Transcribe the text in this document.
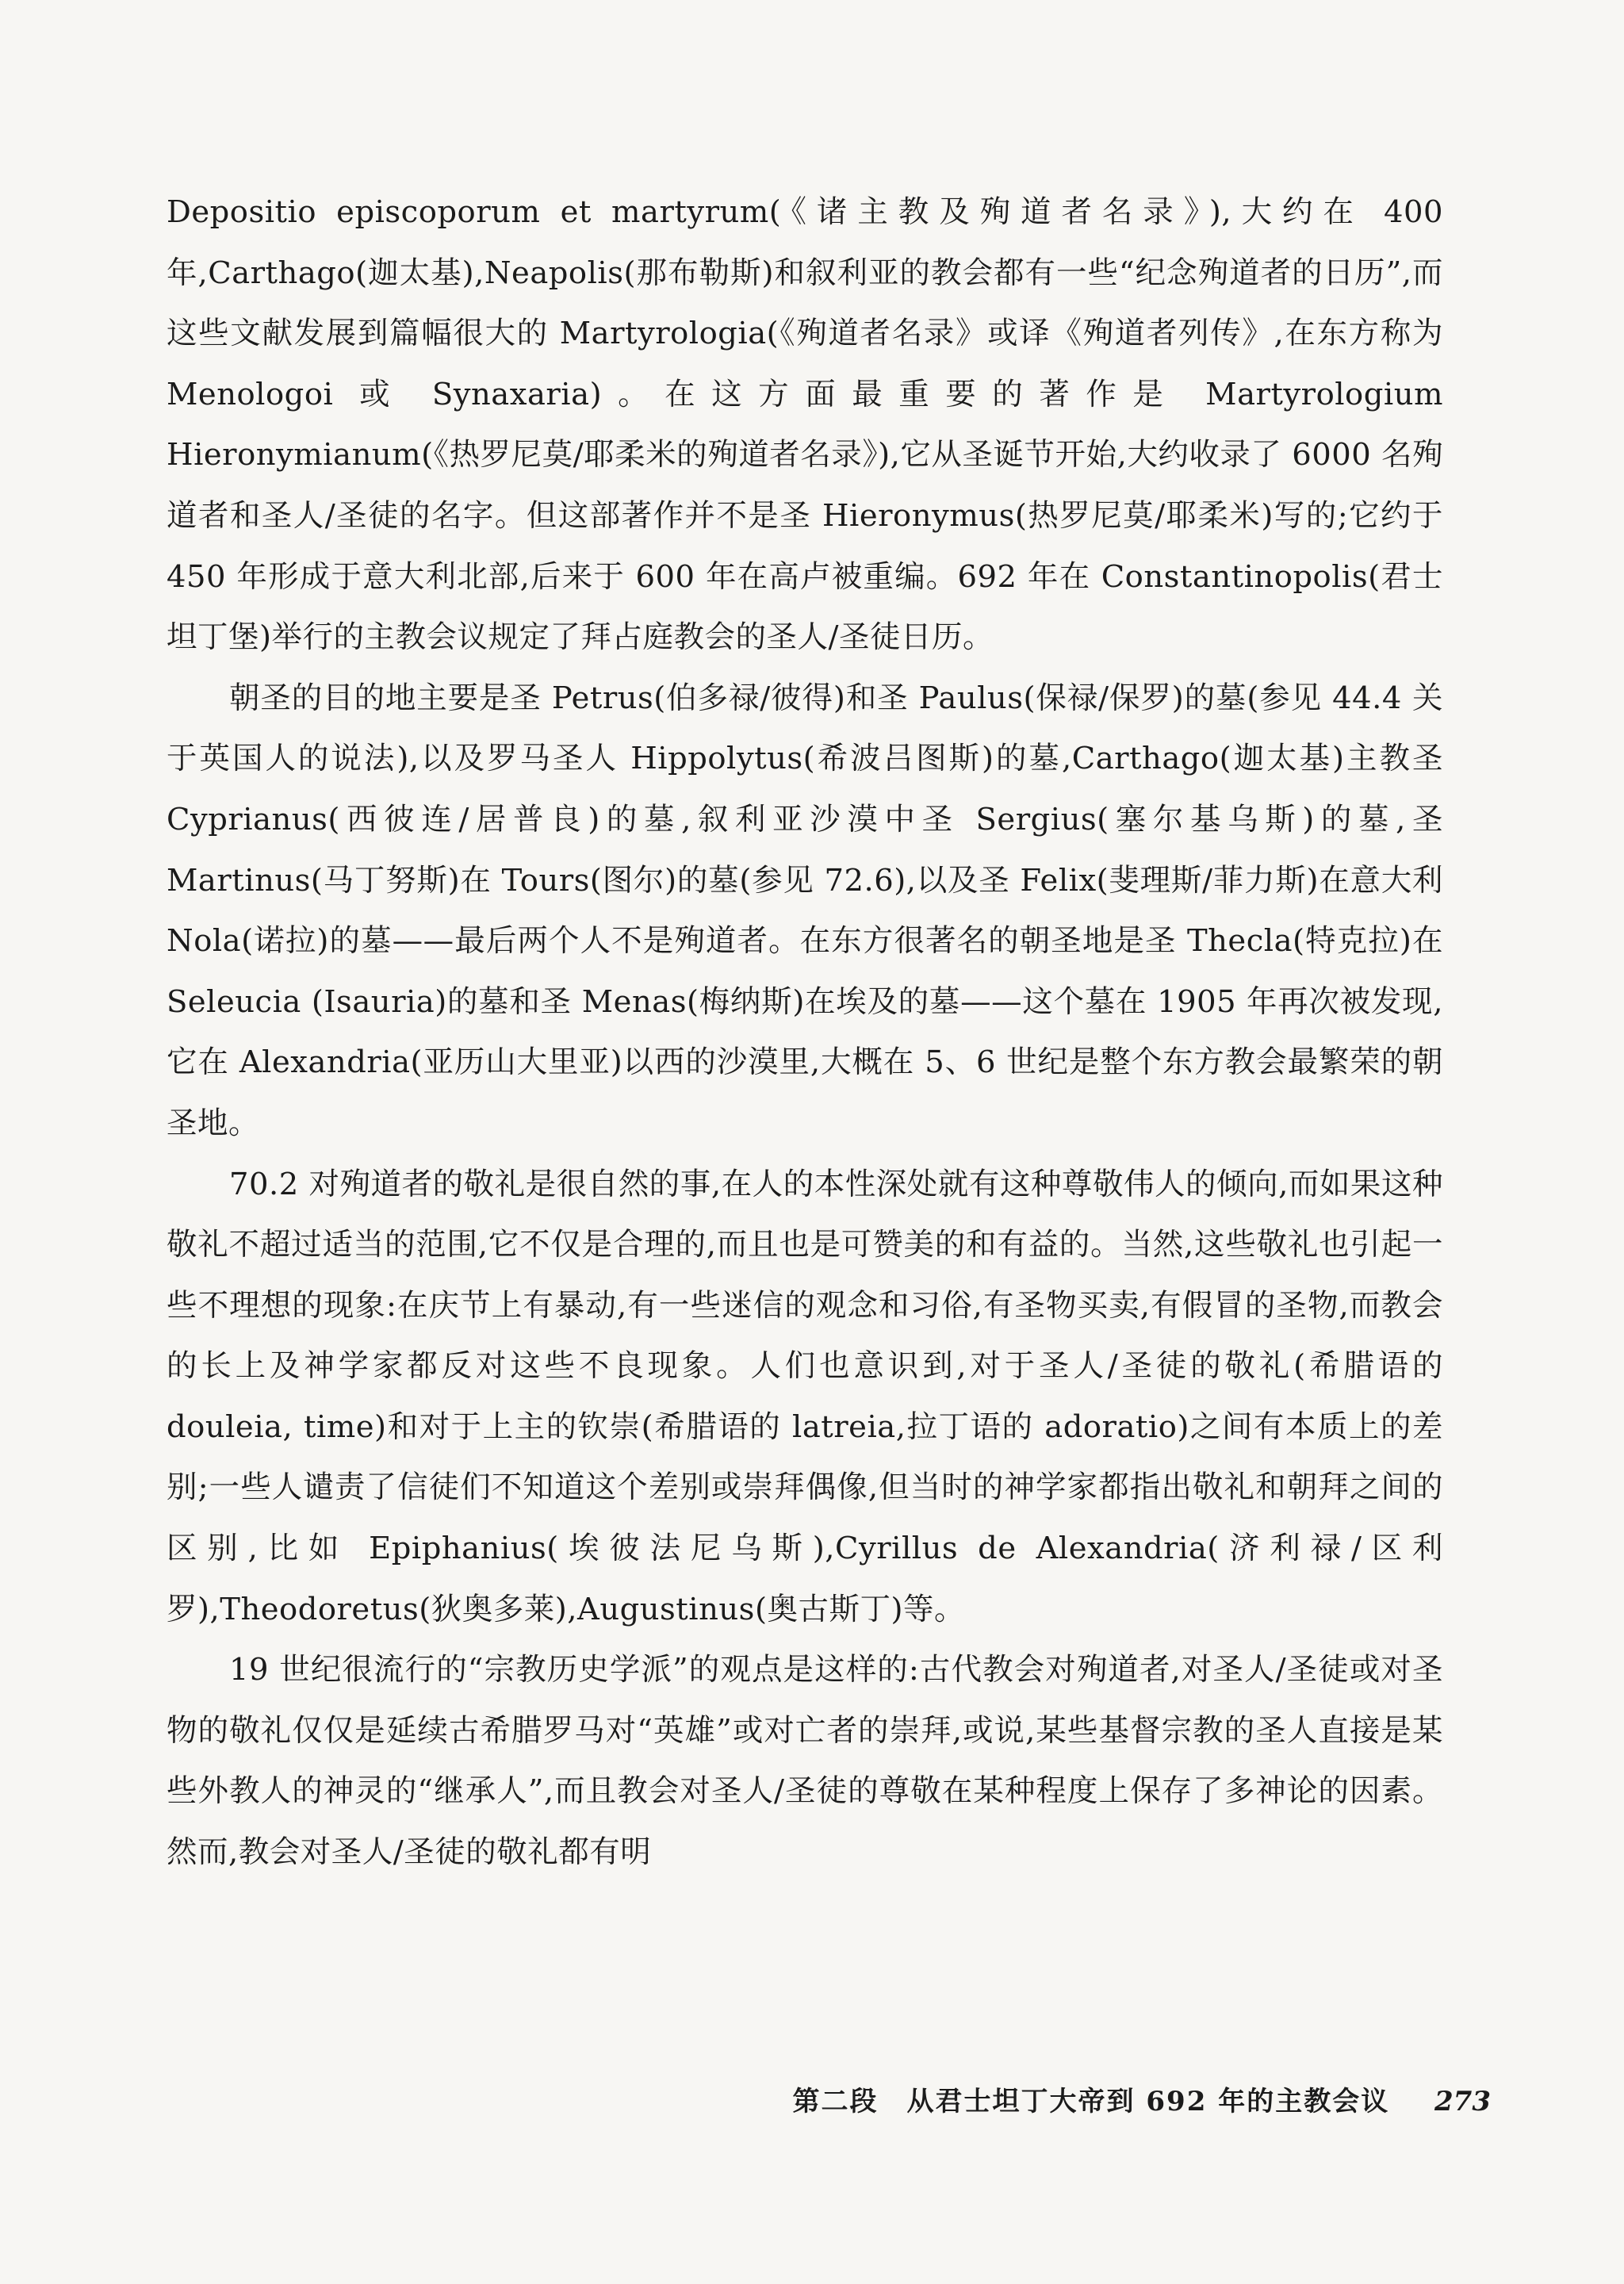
Depositio episcoporum et martyrum(《诸主教及殉道者名录》),大约在 400 年,Carthago(迦太基),Neapolis(那布勒斯)和叙利亚的教会都有一些“纪念殉道者的日历”,而这些文献发展到篇幅很大的 Martyrologia(《殉道者名录》或译《殉道者列传》,在东方称为 Menologoi 或 Synaxaria)。在这方面最重要的著作是 Martyrologium Hieronymianum(《热罗尼莫/耶柔米的殉道者名录》),它从圣诞节开始,大约收录了 6000 名殉道者和圣人/圣徒的名字。但这部著作并不是圣 Hieronymus(热罗尼莫/耶柔米)写的;它约于 450 年形成于意大利北部,后来于 600 年在高卢被重编。692 年在 Constantinopolis(君士坦丁堡)举行的主教会议规定了拜占庭教会的圣人/圣徒日历。

朝圣的目的地主要是圣 Petrus(伯多禄/彼得)和圣 Paulus(保禄/保罗)的墓(参见 44.4 关于英国人的说法),以及罗马圣人 Hippolytus(希波吕图斯)的墓,Carthago(迦太基)主教圣 Cyprianus(西彼连/居普良)的墓,叙利亚沙漠中圣 Sergius(塞尔基乌斯)的墓,圣 Martinus(马丁努斯)在 Tours(图尔)的墓(参见 72.6),以及圣 Felix(斐理斯/菲力斯)在意大利 Nola(诺拉)的墓——最后两个人不是殉道者。在东方很著名的朝圣地是圣 Thecla(特克拉)在 Seleucia (Isauria)的墓和圣 Menas(梅纳斯)在埃及的墓——这个墓在 1905 年再次被发现,它在 Alexandria(亚历山大里亚)以西的沙漠里,大概在 5、6 世纪是整个东方教会最繁荣的朝圣地。

70.2 对殉道者的敬礼是很自然的事,在人的本性深处就有这种尊敬伟人的倾向,而如果这种敬礼不超过适当的范围,它不仅是合理的,而且也是可赞美的和有益的。当然,这些敬礼也引起一些不理想的现象:在庆节上有暴动,有一些迷信的观念和习俗,有圣物买卖,有假冒的圣物,而教会的长上及神学家都反对这些不良现象。人们也意识到,对于圣人/圣徒的敬礼(希腊语的 douleia, time)和对于上主的钦崇(希腊语的 latreia,拉丁语的 adoratio)之间有本质上的差别;一些人谴责了信徒们不知道这个差别或崇拜偶像,但当时的神学家都指出敬礼和朝拜之间的区别,比如 Epiphanius(埃彼法尼乌斯),Cyrillus de Alexandria(济利禄/区利罗),Theodoretus(狄奥多莱),Augustinus(奥古斯丁)等。

19 世纪很流行的“宗教历史学派”的观点是这样的:古代教会对殉道者,对圣人/圣徒或对圣物的敬礼仅仅是延续古希腊罗马对“英雄”或对亡者的崇拜,或说,某些基督宗教的圣人直接是某些外教人的神灵的“继承人”,而且教会对圣人/圣徒的尊敬在某种程度上保存了多神论的因素。然而,教会对圣人/圣徒的敬礼都有明

第二段　从君士坦丁大帝到 692 年的主教会议 273
